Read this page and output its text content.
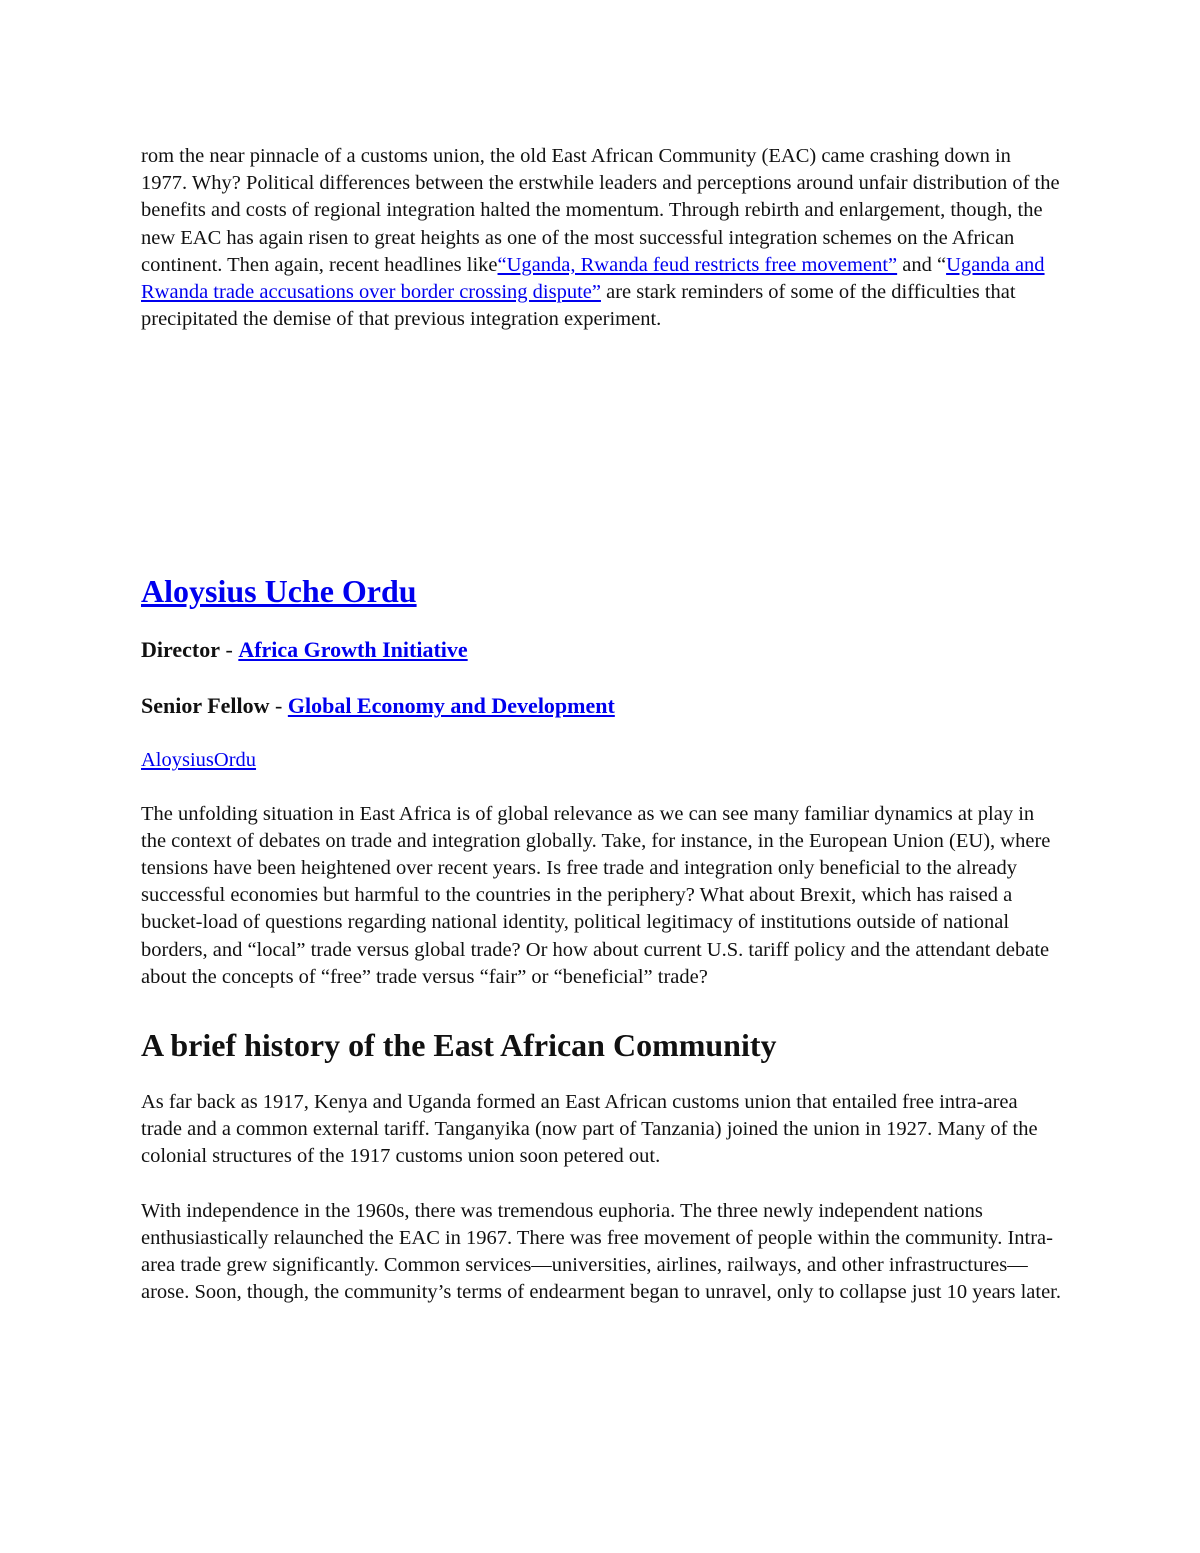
rom the near pinnacle of a customs union, the old East African Community (EAC) came crashing down in 1977. Why? Political differences between the erstwhile leaders and perceptions around unfair distribution of the benefits and costs of regional integration halted the momentum. Through rebirth and enlargement, though, the new EAC has again risen to great heights as one of the most successful integration schemes on the African continent. Then again, recent headlines like“Uganda, Rwanda feud restricts free movement” and “Uganda and Rwanda trade accusations over border crossing dispute” are stark reminders of some of the difficulties that precipitated the demise of that previous integration experiment.

Aloysius Uche Ordu

Director - Africa Growth Initiative

Senior Fellow - Global Economy and Development

AloysiusOrdu

The unfolding situation in East Africa is of global relevance as we can see many familiar dynamics at play in the context of debates on trade and integration globally. Take, for instance, in the European Union (EU), where tensions have been heightened over recent years. Is free trade and integration only beneficial to the already successful economies but harmful to the countries in the periphery? What about Brexit, which has raised a bucket-load of questions regarding national identity, political legitimacy of institutions outside of national borders, and “local” trade versus global trade? Or how about current U.S. tariff policy and the attendant debate about the concepts of “free” trade versus “fair” or “beneficial” trade?

A brief history of the East African Community

As far back as 1917, Kenya and Uganda formed an East African customs union that entailed free intra-area trade and a common external tariff. Tanganyika (now part of Tanzania) joined the union in 1927. Many of the colonial structures of the 1917 customs union soon petered out.

With independence in the 1960s, there was tremendous euphoria. The three newly independent nations enthusiastically relaunched the EAC in 1967. There was free movement of people within the community. Intra-area trade grew significantly. Common services—universities, airlines, railways, and other infrastructures—arose. Soon, though, the community’s terms of endearment began to unravel, only to collapse just 10 years later.
